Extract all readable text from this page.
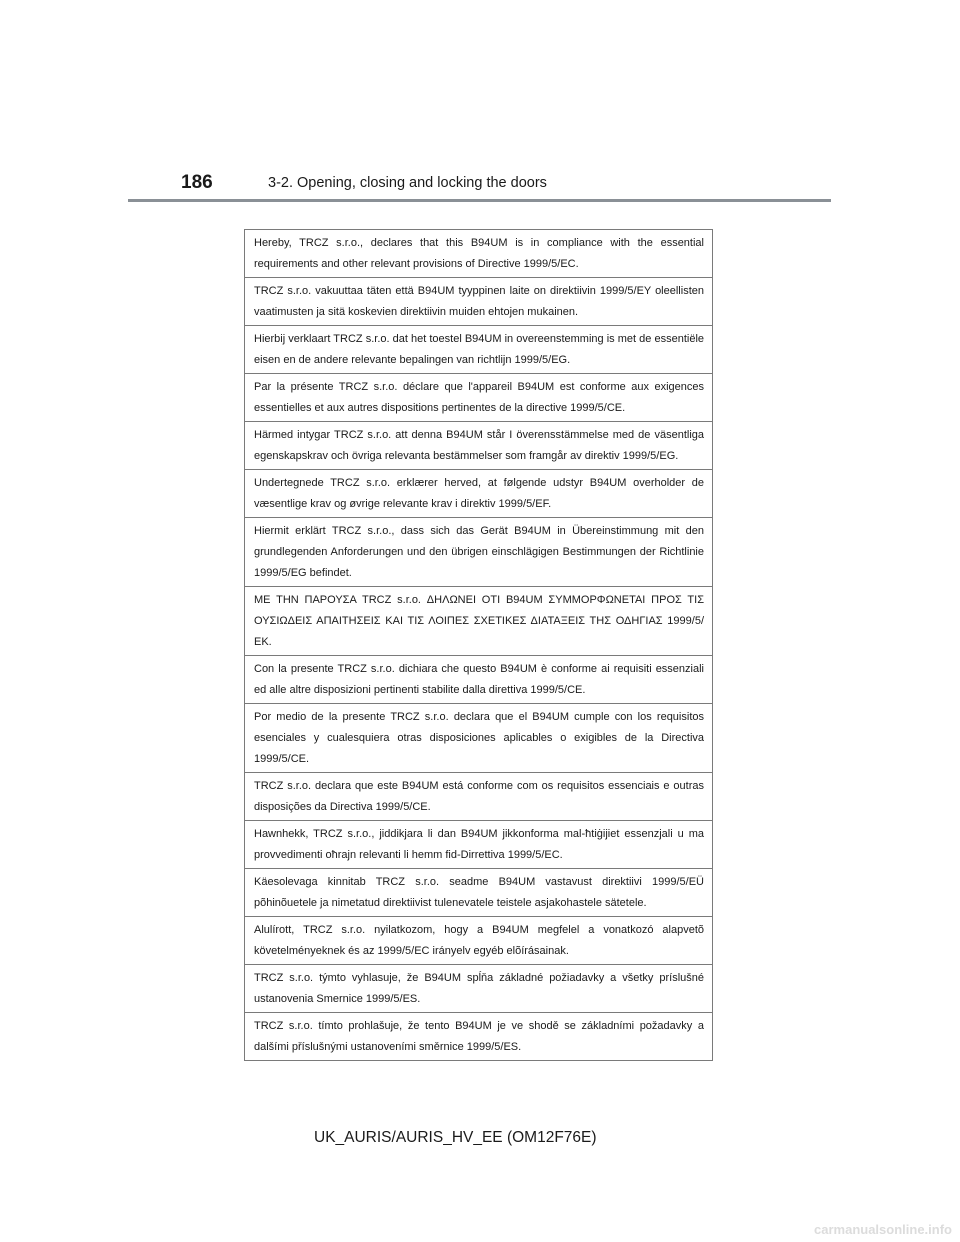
186	3-2. Opening, closing and locking the doors
Hereby, TRCZ s.r.o., declares that this B94UM is in compliance with the essential requirements and other relevant provisions of Directive 1999/5/EC.
TRCZ s.r.o. vakuuttaa täten että B94UM tyyppinen laite on direktiivin 1999/5/EY oleellisten vaatimusten ja sitä koskevien direktiivin muiden ehtojen mukainen.
Hierbij verklaart TRCZ s.r.o. dat het toestel B94UM in overeenstemming is met de essentiële eisen en de andere relevante bepalingen van richtlijn 1999/5/EG.
Par la présente TRCZ s.r.o. déclare que l'appareil B94UM est conforme aux exigences essentielles et aux autres dispositions pertinentes de la directive 1999/5/CE.
Härmed intygar TRCZ s.r.o. att denna B94UM står I överensstämmelse med de väsentliga egenskapskrav och övriga relevanta bestämmelser som framgår av direktiv 1999/5/EG.
Undertegnede TRCZ s.r.o. erklærer herved, at følgende udstyr B94UM overholder de væsentlige krav og øvrige relevante krav i direktiv 1999/5/EF.
Hiermit erklärt TRCZ s.r.o., dass sich das Gerät B94UM in Übereinstimmung mit den grundlegenden Anforderungen und den übrigen einschlägigen Bestimmungen der Richtlinie 1999/5/EG befindet.
ΜΕ ΤΗΝ ΠΑΡΟΥΣΑ TRCZ s.r.o. ΔΗΛΩΝΕΙ ΟΤΙ B94UM ΣΥΜΜΟΡΦΩΝΕΤΑΙ ΠΡΟΣ ΤΙΣ ΟΥΣΙΩΔΕΙΣ ΑΠΑΙΤΗΣΕΙΣ ΚΑΙ ΤΙΣ ΛΟΙΠΕΣ ΣΧΕΤΙΚΕΣ ΔΙΑΤΑΞΕΙΣ ΤΗΣ ΟΔΗΓΙΑΣ 1999/5/ΕΚ.
Con la presente TRCZ s.r.o. dichiara che questo B94UM è conforme ai requisiti essenziali ed alle altre disposizioni pertinenti stabilite dalla direttiva 1999/5/CE.
Por medio de la presente TRCZ s.r.o. declara que el B94UM cumple con los requisitos esenciales y cualesquiera otras disposiciones aplicables o exigibles de la Directiva 1999/5/CE.
TRCZ s.r.o. declara que este B94UM está conforme com os requisitos essenciais e outras disposições da Directiva 1999/5/CE.
Hawnhekk, TRCZ s.r.o., jiddikjara li dan B94UM jikkonforma mal-ħtiġijiet essenzjali u ma provvedimenti oħrajn relevanti li hemm fid-Dirrettiva 1999/5/EC.
Käesolevaga kinnitab TRCZ s.r.o. seadme B94UM vastavust direktiivi 1999/5/EÜ põhinõuetele ja nimetatud direktiivist tulenevatele teistele asjakohastele sätetele.
Alulírott, TRCZ s.r.o. nyilatkozom, hogy a B94UM megfelel a vonatkozó alapvetõ követelményeknek és az 1999/5/EC irányelv egyéb elõírásainak.
TRCZ s.r.o. týmto vyhlasuje, že B94UM spĺňa základné požiadavky a všetky príslušné ustanovenia Smernice 1999/5/ES.
TRCZ s.r.o. tímto prohlašuje, že tento B94UM je ve shodě se základními požadavky a dalšími příslušnými ustanoveními směrnice 1999/5/ES.
UK_AURIS/AURIS_HV_EE (OM12F76E)
carmanualsonline.info
